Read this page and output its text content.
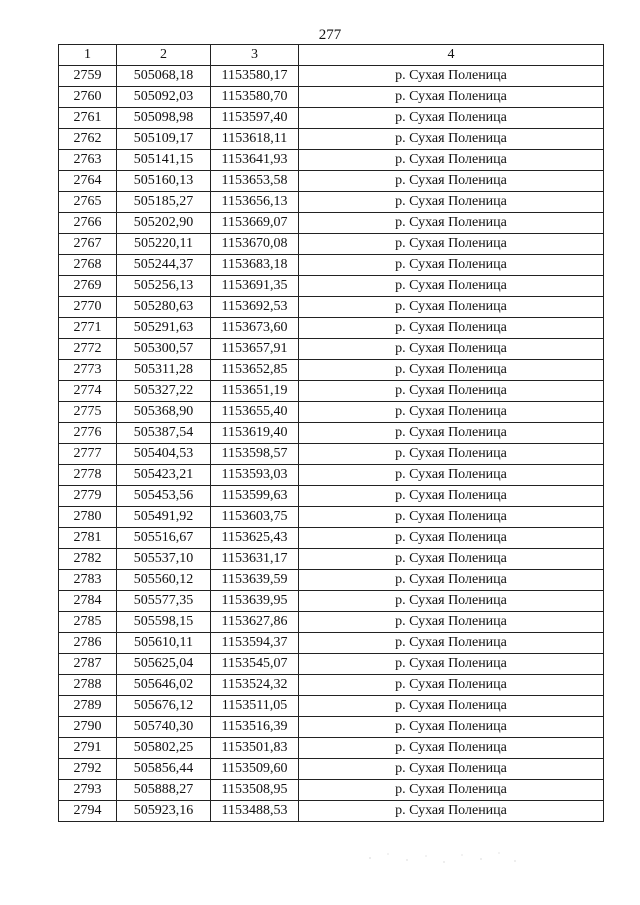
277
1	2	3	4
2759	505068,18	1153580,17	р. Сухая Поленица
2760	505092,03	1153580,70	р. Сухая Поленица
2761	505098,98	1153597,40	р. Сухая Поленица
2762	505109,17	1153618,11	р. Сухая Поленица
2763	505141,15	1153641,93	р. Сухая Поленица
2764	505160,13	1153653,58	р. Сухая Поленица
2765	505185,27	1153656,13	р. Сухая Поленица
2766	505202,90	1153669,07	р. Сухая Поленица
2767	505220,11	1153670,08	р. Сухая Поленица
2768	505244,37	1153683,18	р. Сухая Поленица
2769	505256,13	1153691,35	р. Сухая Поленица
2770	505280,63	1153692,53	р. Сухая Поленица
2771	505291,63	1153673,60	р. Сухая Поленица
2772	505300,57	1153657,91	р. Сухая Поленица
2773	505311,28	1153652,85	р. Сухая Поленица
2774	505327,22	1153651,19	р. Сухая Поленица
2775	505368,90	1153655,40	р. Сухая Поленица
2776	505387,54	1153619,40	р. Сухая Поленица
2777	505404,53	1153598,57	р. Сухая Поленица
2778	505423,21	1153593,03	р. Сухая Поленица
2779	505453,56	1153599,63	р. Сухая Поленица
2780	505491,92	1153603,75	р. Сухая Поленица
2781	505516,67	1153625,43	р. Сухая Поленица
2782	505537,10	1153631,17	р. Сухая Поленица
2783	505560,12	1153639,59	р. Сухая Поленица
2784	505577,35	1153639,95	р. Сухая Поленица
2785	505598,15	1153627,86	р. Сухая Поленица
2786	505610,11	1153594,37	р. Сухая Поленица
2787	505625,04	1153545,07	р. Сухая Поленица
2788	505646,02	1153524,32	р. Сухая Поленица
2789	505676,12	1153511,05	р. Сухая Поленица
2790	505740,30	1153516,39	р. Сухая Поленица
2791	505802,25	1153501,83	р. Сухая Поленица
2792	505856,44	1153509,60	р. Сухая Поленица
2793	505888,27	1153508,95	р. Сухая Поленица
2794	505923,16	1153488,53	р. Сухая Поленица
